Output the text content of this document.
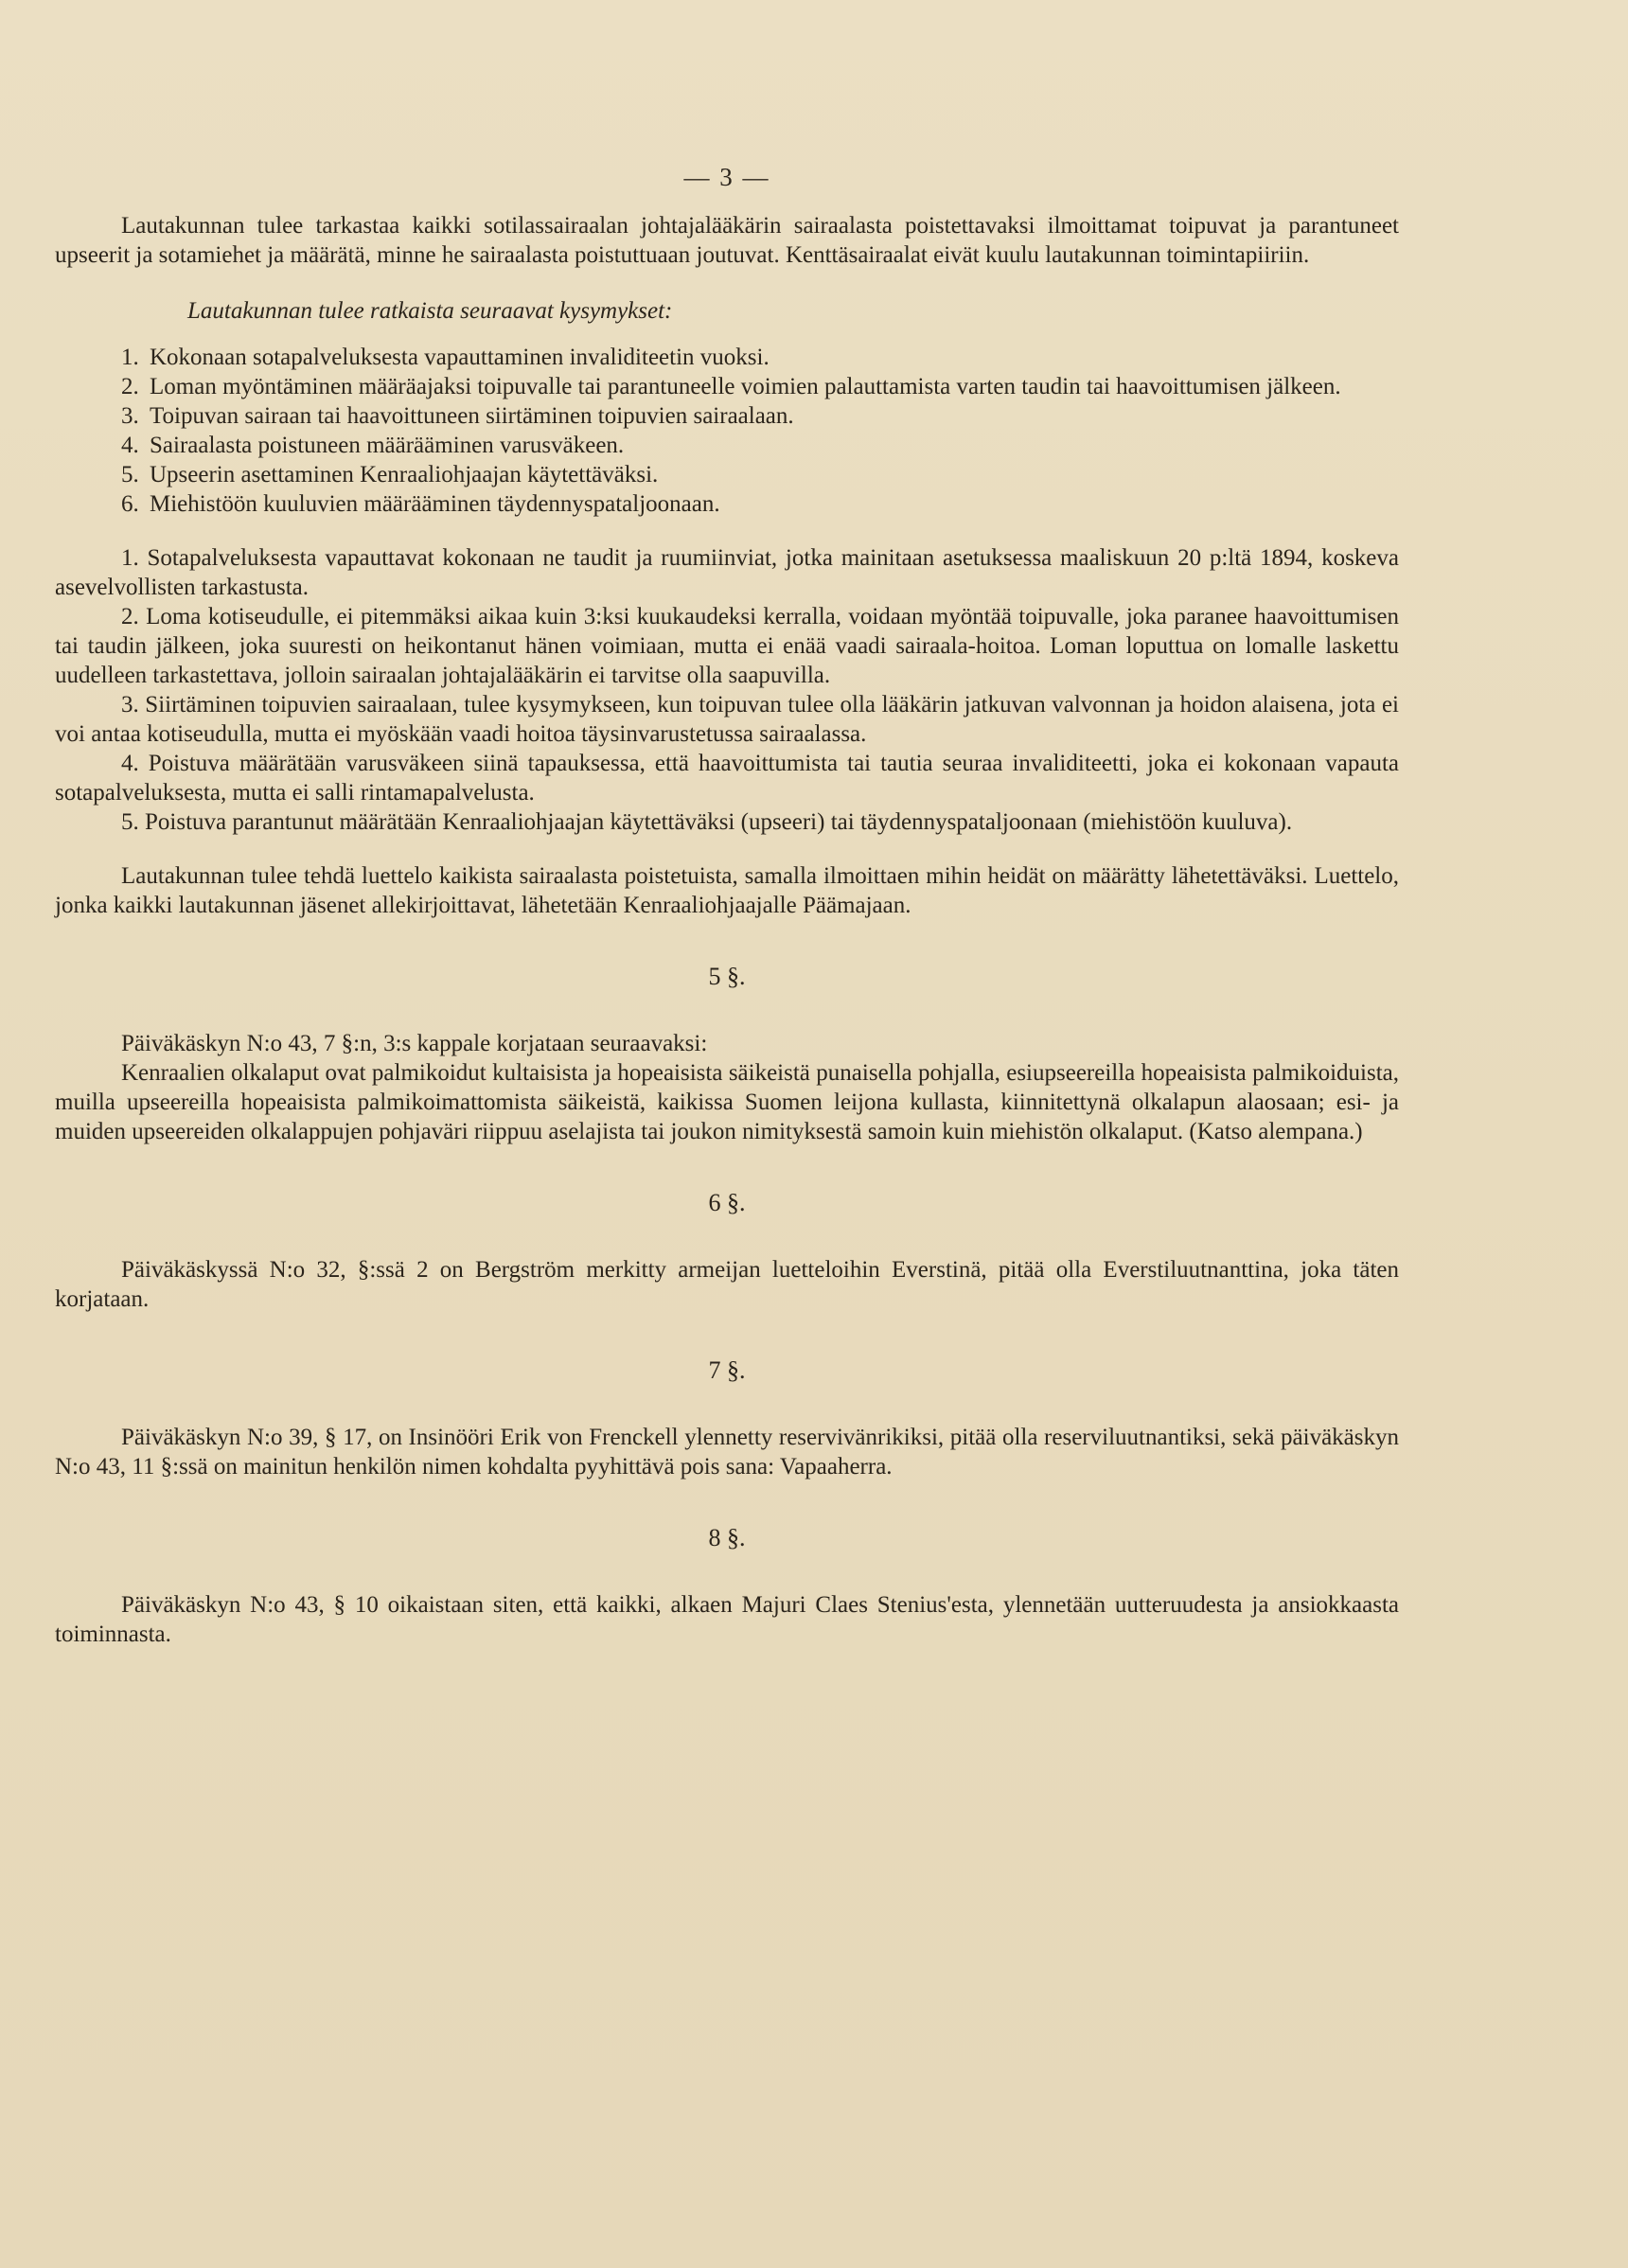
— 3 —

Lautakunnan tulee tarkastaa kaikki sotilassairaalan johtajalääkärin sairaalasta poistettavaksi ilmoittamat toipuvat ja parantuneet upseerit ja sotamiehet ja määrätä, minne he sairaalasta poistuttuaan joutuvat. Kenttäsairaalat eivät kuulu lautakunnan toimintapiiriin.

Lautakunnan tulee ratkaista seuraavat kysymykset:
1. Kokonaan sotapalveluksesta vapauttaminen invaliditeetin vuoksi.
2. Loman myöntäminen määräajaksi toipuvalle tai parantuneelle voimien palauttamista varten taudin tai haavoittumisen jälkeen.
3. Toipuvan sairaan tai haavoittuneen siirtäminen toipuvien sairaalaan.
4. Sairaalasta poistuneen määrääminen varusväkeen.
5. Upseerin asettaminen Kenraaliohjaajan käytettäväksi.
6. Miehistöön kuuluvien määrääminen täydennyspataljoonaan.
1. Sotapalveluksesta vapauttavat kokonaan ne taudit ja ruumiinviat, jotka mainitaan asetuksessa maaliskuun 20 p:ltä 1894, koskeva asevelvollisten tarkastusta.
2. Loma kotiseudulle, ei pitemmäksi aikaa kuin 3:ksi kuukaudeksi kerralla, voidaan myöntää toipuvalle, joka paranee haavoittumisen tai taudin jälkeen, joka suuresti on heikontanut hänen voimiaan, mutta ei enää vaadi sairaala-hoitoa. Loman loputtua on lomalle laskettu uudelleen tarkastettava, jolloin sairaalan johtajalääkärin ei tarvitse olla saapuvilla.
3. Siirtäminen toipuvien sairaalaan, tulee kysymykseen, kun toipuvan tulee olla lääkärin jatkuvan valvonnan ja hoidon alaisena, jota ei voi antaa kotiseudulla, mutta ei myöskään vaadi hoitoa täysinvarustetussa sairaalassa.
4. Poistuva määrätään varusväkeen siinä tapauksessa, että haavoittumista tai tautia seuraa invaliditeetti, joka ei kokonaan vapauta sotapalveluksesta, mutta ei salli rintamapalvelusta.
5. Poistuva parantunut määrätään Kenraaliohjaajan käytettäväksi (upseeri) tai täydennyspataljoonaan (miehistöön kuuluva).

Lautakunnan tulee tehdä luettelo kaikista sairaalasta poistetuista, samalla ilmoittaen mihin heidät on määrätty lähetettäväksi. Luettelo, jonka kaikki lautakunnan jäsenet allekirjoittavat, lähetetään Kenraaliohjaajalle Päämajaan.

5 §.

Päiväkäskyn N:o 43, 7 §:n, 3:s kappale korjataan seuraavaksi:

Kenraalien olkalaput ovat palmikoidut kultaisista ja hopeaisista säikeistä punaisella pohjalla, esiupseereilla hopeaisista palmikoiduista, muilla upseereilla hopeaisista palmikoimattomista säikeistä, kaikissa Suomen leijona kullasta, kiinnitettynä olkalapun alaosaan; esi- ja muiden upseereiden olkalappujen pohjaväri riippuu aselajista tai joukon nimityksestä samoin kuin miehistön olkalaput. (Katso alempana.)

6 §.

Päiväkäskyssä N:o 32, §:ssä 2 on Bergström merkitty armeijan luetteloihin Everstinä, pitää olla Everstiluutnanttina, joka täten korjataan.

7 §.

Päiväkäskyn N:o 39, § 17, on Insinööri Erik von Frenckell ylennetty reservivänrikiksi, pitää olla reserviluutnantiksi, sekä päiväkäskyn N:o 43, 11 §:ssä on mainitun henkilön nimen kohdalta pyyhittävä pois sana: Vapaaherra.

8 §.

Päiväkäskyn N:o 43, § 10 oikaistaan siten, että kaikki, alkaen Majuri Claes Stenius'esta, ylennetään uutteruudesta ja ansiokkaasta toiminnasta.
